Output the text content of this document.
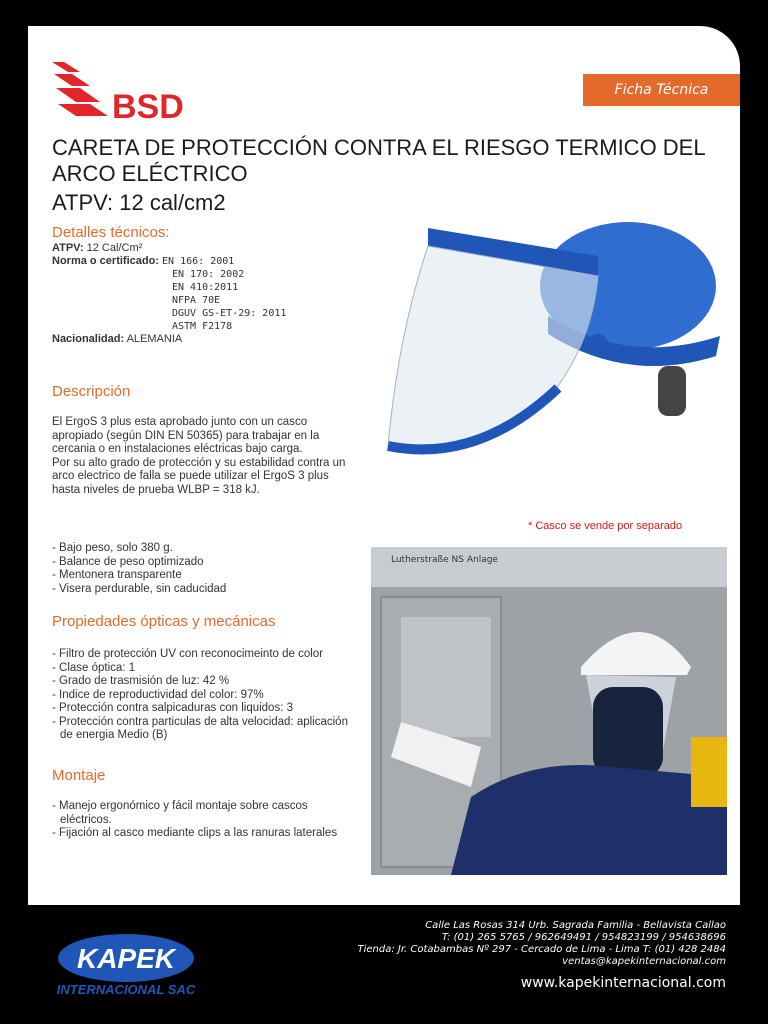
BSD	Ficha Técnica
CARETA DE PROTECCIÓN CONTRA EL RIESGO TERMICO DEL
ARCO ELÉCTRICO
ATPV: 12 cal/cm2
Detalles técnicos:
ATPV: 12 Cal/Cm²
Norma o certificado: EN 166: 2001
EN 170: 2002
EN 410:2011
NFPA 70E
DGUV GS-ET-29: 2011
ASTM F2178
Nacionalidad: ALEMANIA
Descripción
El ErgoS 3 plus esta aprobado junto con un casco apropiado (según DIN EN 50365) para trabajar en la cercania o en instalaciones eléctricas bajo carga.
Por su alto grado de protección y su estabilidad contra un arco electrico de falla se puede utilizar el ErgoS 3 plus hasta niveles de prueba WLBP = 318 kJ.
- Bajo peso, solo 380 g.
- Balance de peso optimizado
- Mentonera transparente
- Visera perdurable, sin caducidad
Propiedades ópticas y mecánicas
- Filtro de protección UV con reconocimeinto de color
- Clase óptica: 1
- Grado de trasmisión de luz: 42 %
- Indice de reproductividad del color: 97%
- Protección contra salpicaduras con liquidos: 3
- Protección contra particulas de alta velocidad: aplicación de energia Medio (B)
Montaje
- Manejo ergonómico y fácil montaje sobre cascos eléctricos.
- Fijación al casco mediante clips a las ranuras laterales
* Casco se vende por separado
Lutherstraße NS Anlage
KAPEK
INTERNACIONAL SAC
Calle Las Rosas 314 Urb. Sagrada Familia - Bellavista Callao
T: (01) 265 5765 / 962649491 / 954823199 / 954638696
Tienda: Jr. Cotabambas Nº 297 - Cercado de Lima - Lima T: (01) 428 2484
ventas@kapekinternacional.com
www.kapekinternacional.com
